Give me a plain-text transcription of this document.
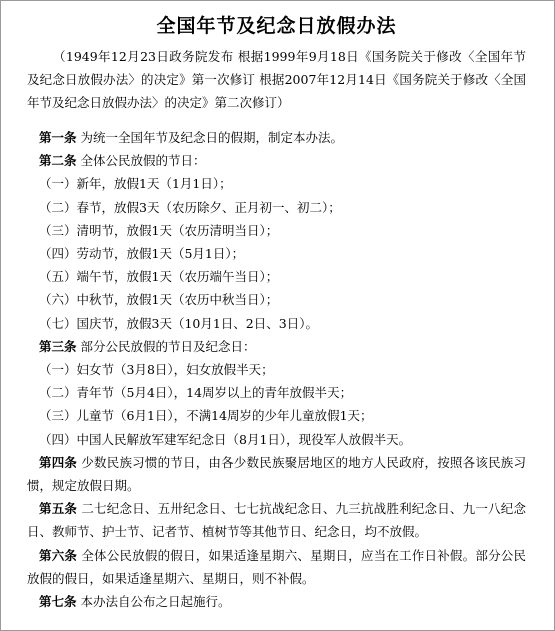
全国年节及纪念日放假办法

（1949年12月23日政务院发布 根据1999年9月18日《国务院关于修改〈全国年节及纪念日放假办法〉的决定》第一次修订 根据2007年12月14日《国务院关于修改〈全国年节及纪念日放假办法〉的决定》第二次修订）

第一条 为统一全国年节及纪念日的假期，制定本办法。

第二条 全体公民放假的节日：

（一）新年，放假1天（1月1日）；

（二）春节，放假3天（农历除夕、正月初一、初二）；

（三）清明节，放假1天（农历清明当日）；

（四）劳动节，放假1天（5月1日）；

（五）端午节，放假1天（农历端午当日）；

（六）中秋节，放假1天（农历中秋当日）；

（七）国庆节，放假3天（10月1日、2日、3日）。

第三条 部分公民放假的节日及纪念日：

（一）妇女节（3月8日），妇女放假半天；

（二）青年节（5月4日），14周岁以上的青年放假半天；

（三）儿童节（6月1日），不满14周岁的少年儿童放假1天；

（四）中国人民解放军建军纪念日（8月1日），现役军人放假半天。

第四条 少数民族习惯的节日，由各少数民族聚居地区的地方人民政府，按照各该民族习惯，规定放假日期。

第五条 二七纪念日、五卅纪念日、七七抗战纪念日、九三抗战胜利纪念日、九一八纪念日、教师节、护士节、记者节、植树节等其他节日、纪念日，均不放假。

第六条 全体公民放假的假日，如果适逢星期六、星期日，应当在工作日补假。部分公民放假的假日，如果适逢星期六、星期日，则不补假。

第七条 本办法自公布之日起施行。
